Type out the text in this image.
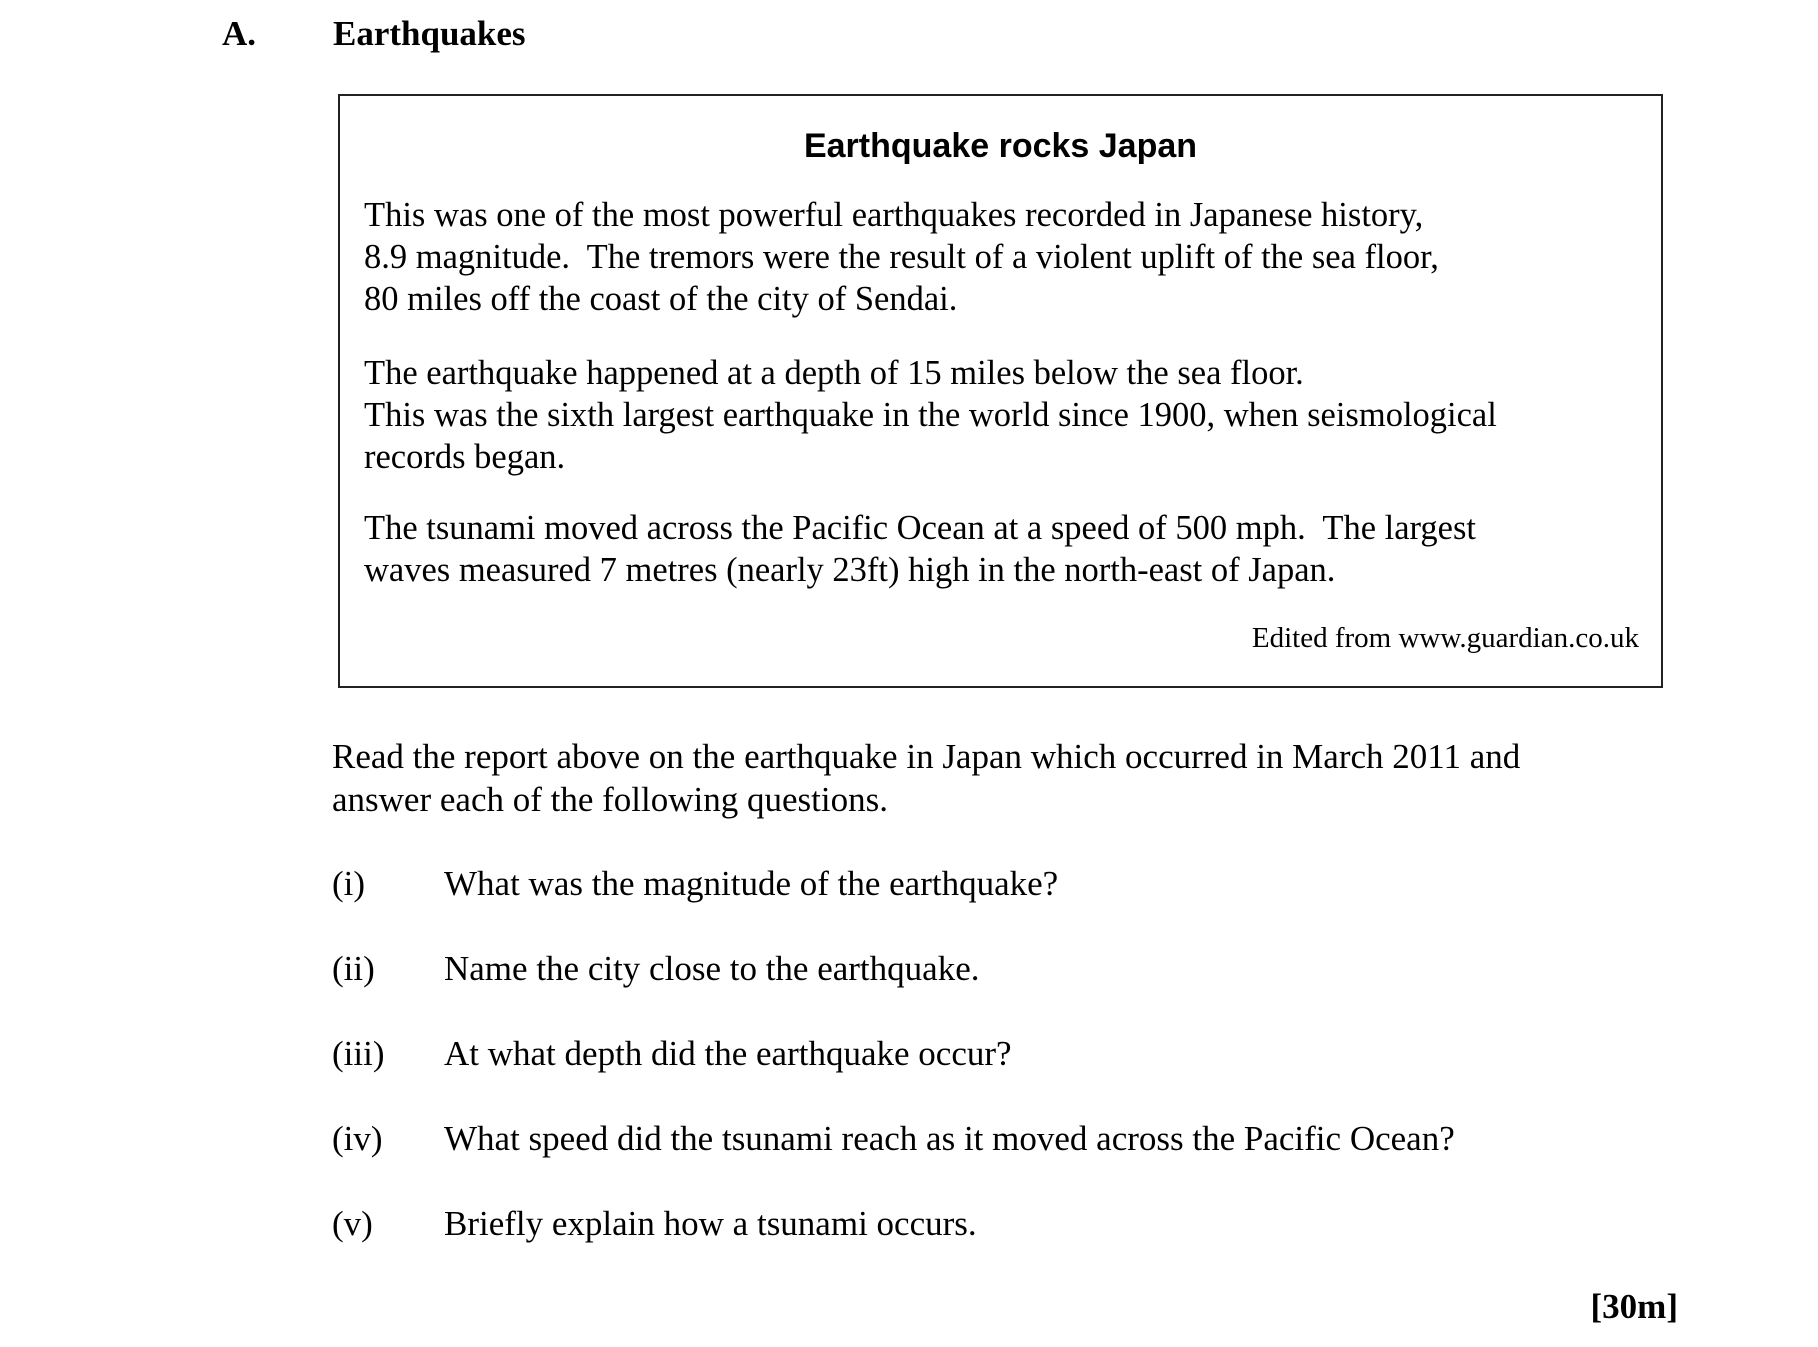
A. Earthquakes
Earthquake rocks Japan

This was one of the most powerful earthquakes recorded in Japanese history,
8.9 magnitude.  The tremors were the result of a violent uplift of the sea floor,
80 miles off the coast of the city of Sendai.

The earthquake happened at a depth of 15 miles below the sea floor.
This was the sixth largest earthquake in the world since 1900, when seismological
records began.

The tsunami moved across the Pacific Ocean at a speed of 500 mph.  The largest
waves measured 7 metres (nearly 23ft) high in the north-east of Japan.

Edited from www.guardian.co.uk

Read the report above on the earthquake in Japan which occurred in March 2011 and
answer each of the following questions.

(i) What was the magnitude of the earthquake?
(ii) Name the city close to the earthquake.
(iii) At what depth did the earthquake occur?
(iv) What speed did the tsunami reach as it moved across the Pacific Ocean?
(v) Briefly explain how a tsunami occurs.
[30m]
